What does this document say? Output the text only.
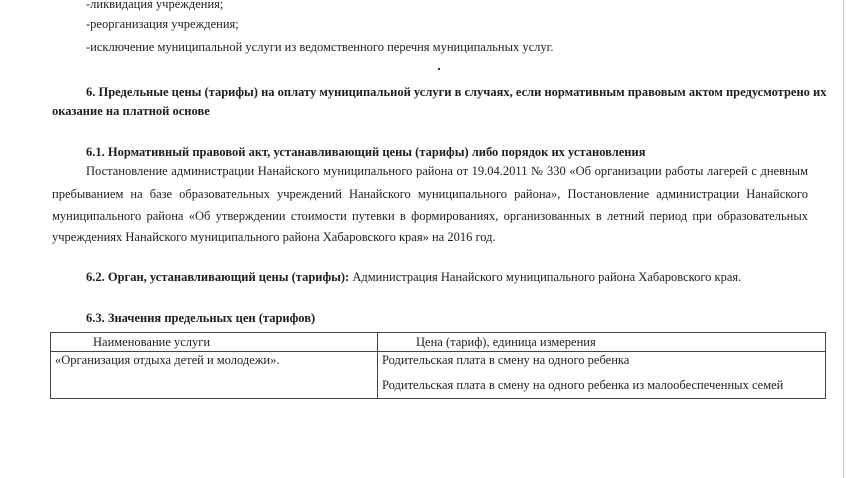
-ликвидация учреждения;
-реорганизация учреждения;
-исключение муниципальной услуги из ведомственного перечня муниципальных услуг.
6. Предельные цены (тарифы) на оплату муниципальной услуги в случаях, если нормативным правовым актом предусмотрено их
оказание на платной основе
6.1. Нормативный правовой акт, устанавливающий цены (тарифы) либо порядок их установления
Постановление администрации Нанайского муниципального района от 19.04.2011 № 330 «Об организации работы лагерей с дневным
пребыванием на базе образовательных учреждений Нанайского муниципального района», Постановление администрации Нанайского
муниципального района «Об утверждении стоимости путевки в формированиях, организованных в летний период при образовательных
учреждениях Нанайского муниципального района Хабаровского края» на 2016 год.
6.2. Орган, устанавливающий цены (тарифы): Администрация Нанайского муниципального района Хабаровского края.
6.3. Значения предельных цен (тарифов)
Наименование услуги	Цена (тариф), единица измерения
«Организация отдыха детей и молодежи».	Родительская плата в смену на одного ребенка

Родительская плата в смену на одного ребенка из малообеспеченных семей
